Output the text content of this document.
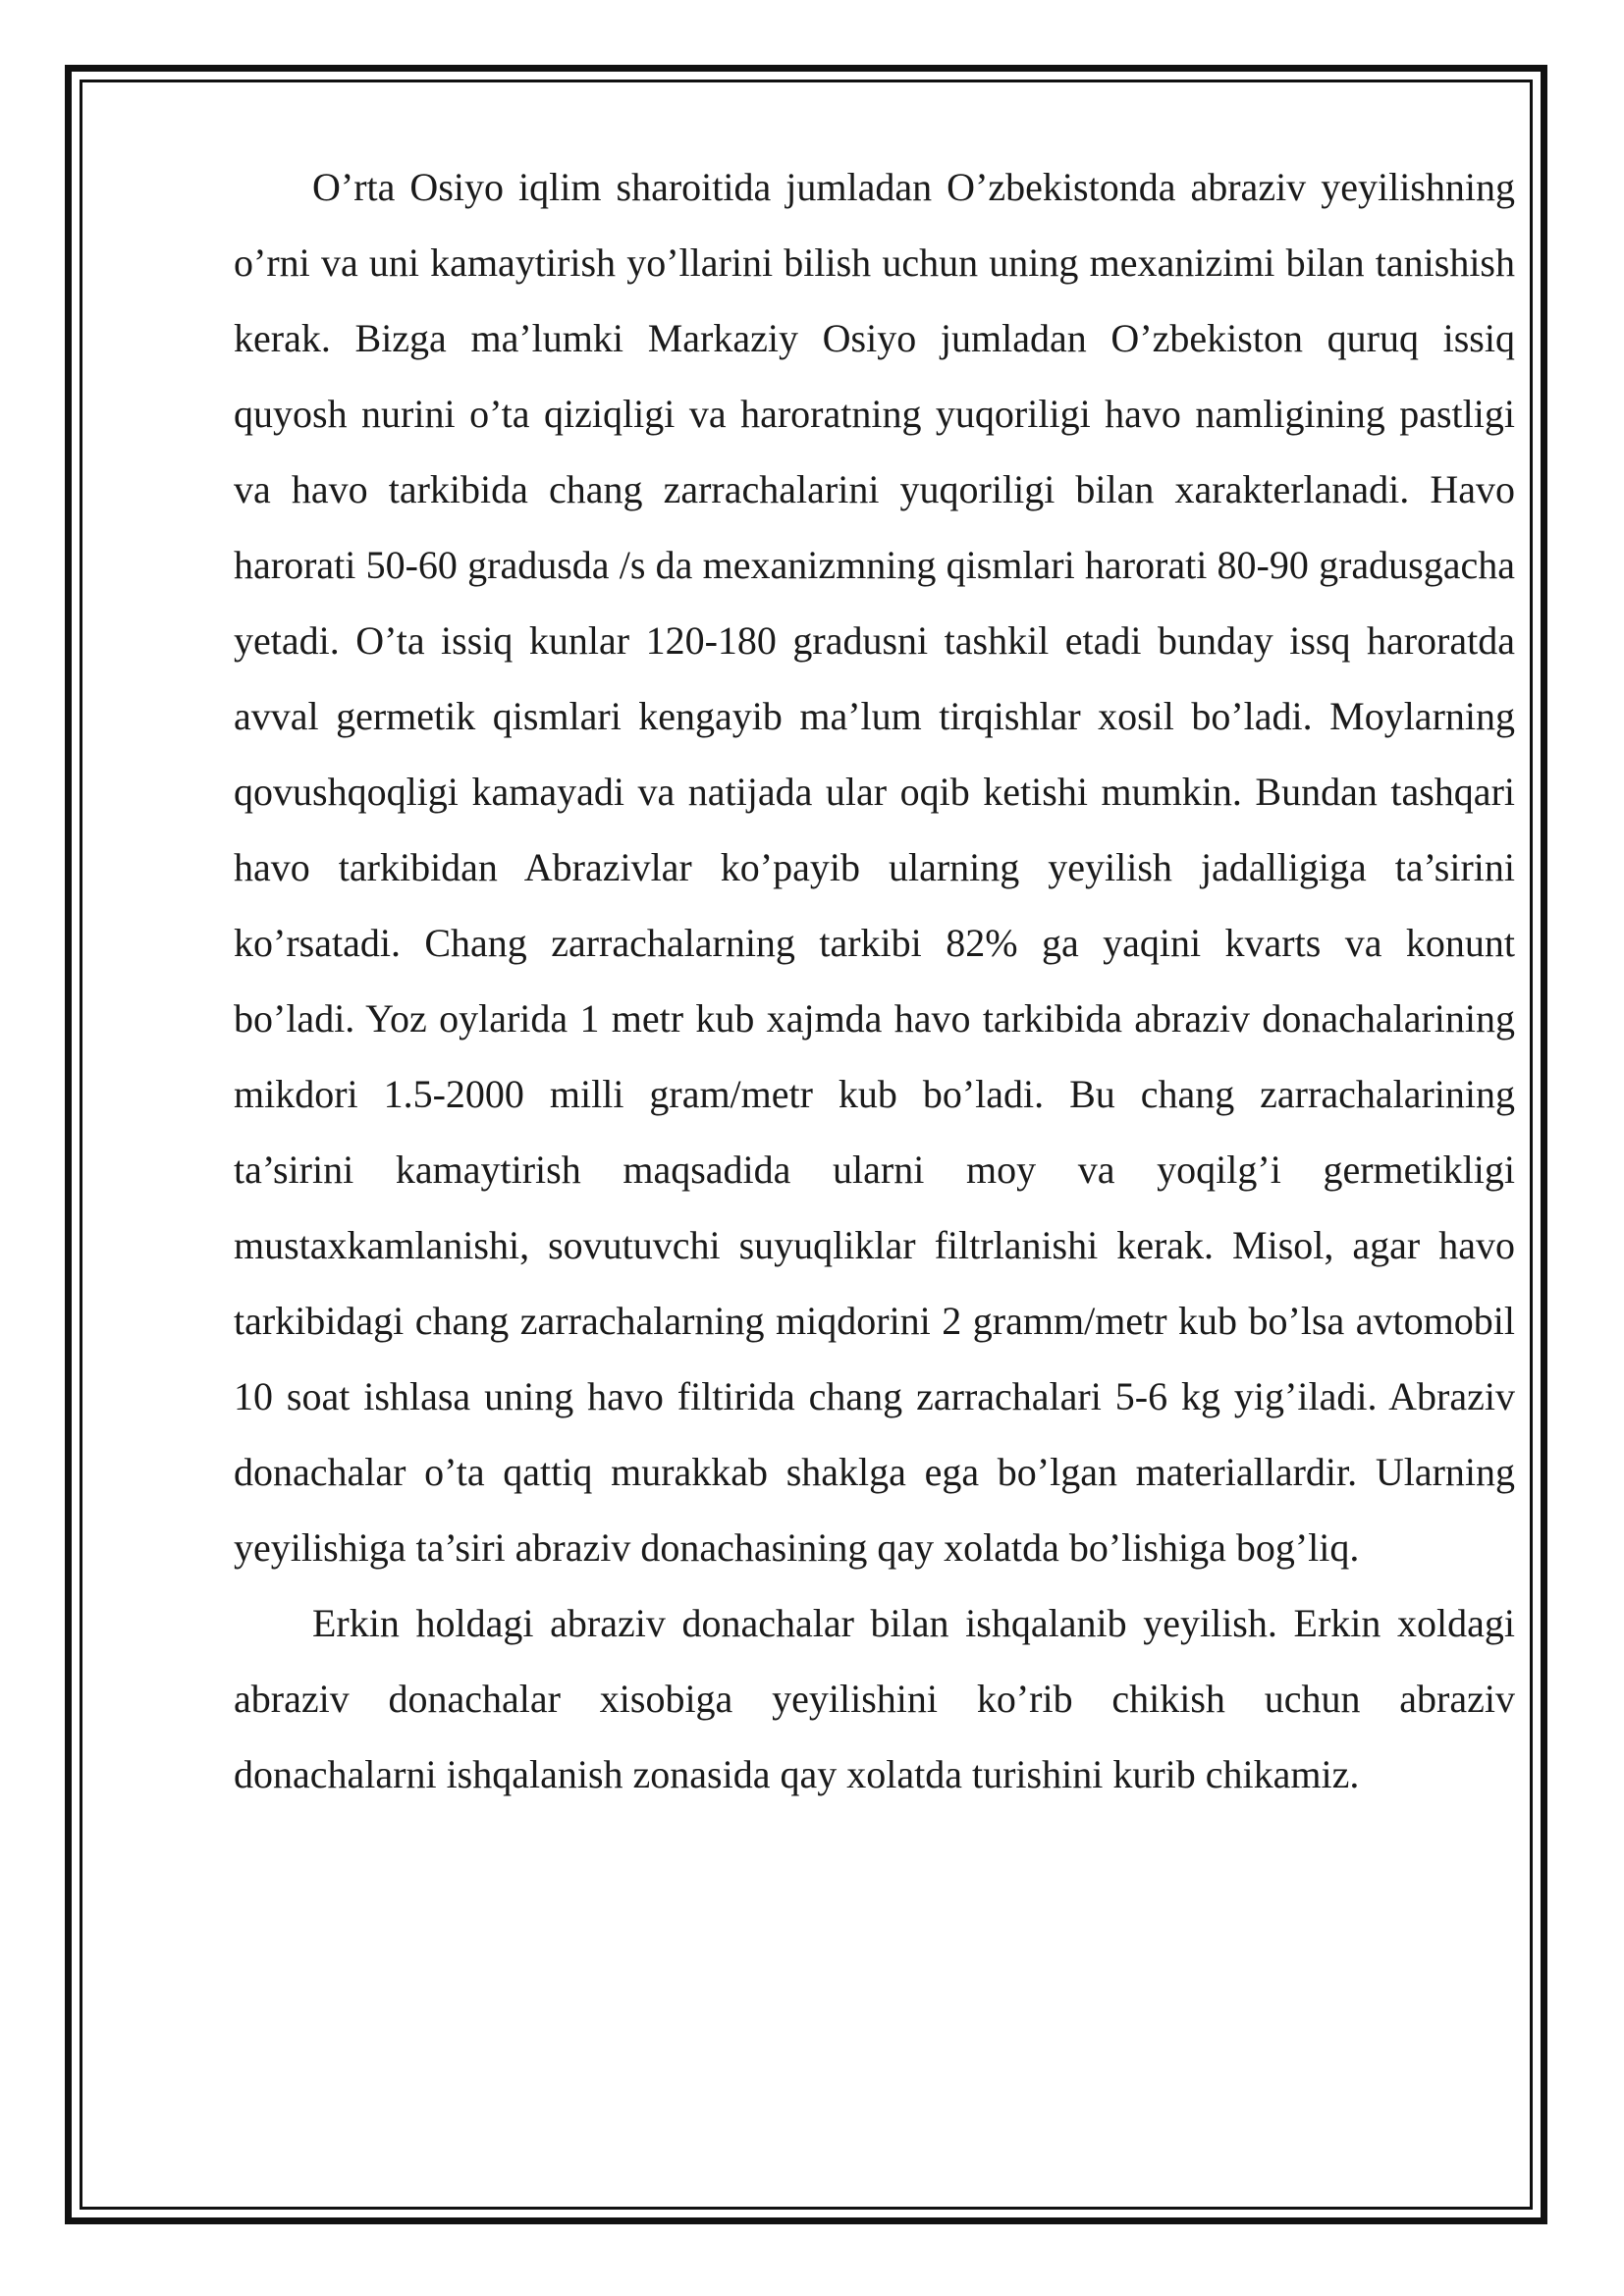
O’rta Osiyo iqlim sharoitida jumladan O’zbekistonda abraziv yeyilishning o’rni va uni kamaytirish yo’llarini bilish uchun uning mexanizimi bilan tanishish kerak. Bizga ma’lumki Markaziy Osiyo jumladan O’zbekiston quruq issiq quyosh nurini o’ta qiziqligi va haroratning yuqoriligi havo namligining pastligi va havo tarkibida chang zarrachalarini yuqoriligi bilan xarakterlanadi. Havo harorati 50-60 gradusda /s da mexanizmning qismlari harorati 80-90 gradusgacha yetadi. O’ta issiq kunlar 120-180 gradusni tashkil etadi bunday issq haroratda avval germetik qismlari kengayib ma’lum tirqishlar xosil bo’ladi. Moylarning qovushqoqligi kamayadi va natijada ular oqib ketishi mumkin. Bundan tashqari havo tarkibidan Abrazivlar ko’payib ularning yeyilish jadalligiga ta’sirini ko’rsatadi. Chang zarrachalarning tarkibi 82% ga yaqini kvarts va konunt bo’ladi. Yoz oylarida 1 metr kub xajmda havo tarkibida abraziv donachalarining mikdori 1.5-2000 milli gram/metr kub bo’ladi. Bu chang zarrachalarining ta’sirini kamaytirish maqsadida ularni moy va yoqilg’i germetikligi mustaxkamlanishi, sovutuvchi suyuqliklar filtrlanishi kerak. Misol, agar havo tarkibidagi chang zarrachalarning miqdorini 2 gramm/metr kub bo’lsa avtomobil 10 soat ishlasa uning havo filtirida chang zarrachalari 5-6 kg yig’iladi. Abraziv donachalar o’ta qattiq murakkab shaklga ega bo’lgan materiallardir. Ularning yeyilishiga ta’siri abraziv donachasining qay xolatda bo’lishiga bog’liq.

Erkin holdagi abraziv donachalar bilan ishqalanib yeyilish. Erkin xoldagi abraziv donachalar xisobiga yeyilishini ko’rib chikish uchun abraziv donachalarni ishqalanish zonasida qay xolatda turishini kurib chikamiz.
